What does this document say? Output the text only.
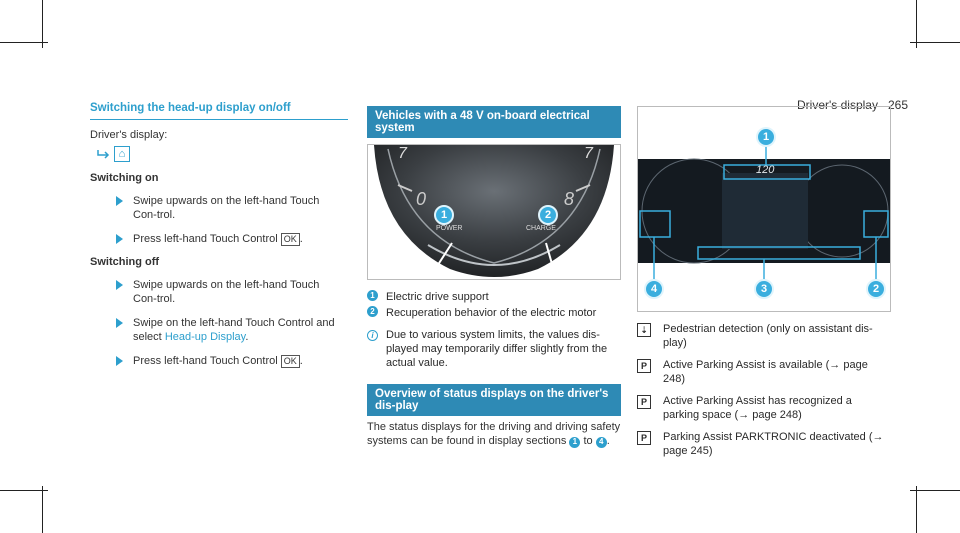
Driver's display 265
Switching the head-up display on/off
Driver's display:
⌂
Switching on
Swipe upwards on the left-hand Touch Con-trol.
Press left-hand Touch Control OK .
Switching off
Swipe upwards on the left-hand Touch Con-trol.
Swipe on the left-hand Touch Control and select Head-up Display.
Press left-hand Touch Control OK .
Vehicles with a 48 V on-board electrical system
7	7
0	8
POWER	CHARGE
1	2
1 Electric drive support
2 Recuperation behavior of the electric motor
i	Due to various system limits, the values dis-played may temporarily differ slightly from the actual value.
Overview of status displays on the driver's dis-play
The status displays for the driving and driving safety systems can be found in display sections 1 to 4 .
120
1
4	3	2
⇣ Pedestrian detection (only on assistant dis-play)
P	Active Parking Assist is available (→ page 248)
P	Active Parking Assist has recognized a parking space (→ page 248)
P	Parking Assist PARKTRONIC deactivated (→ page 245)
